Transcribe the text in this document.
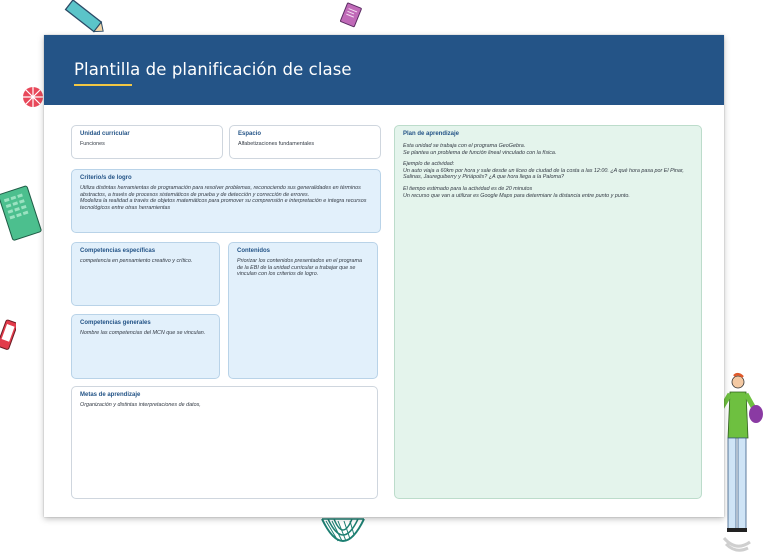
Plantilla de planificación de clase

Unidad curricular

Funciones

Espacio

Alfabetizaciones fundamentales

Criterio/s de logro

Utiliza distintas herramientas de programación para resolver problemas, reconociendo sus generalidades en términos abstractos, a través de procesos sistemáticos de prueba y de detección y corrección de errores.
Modeliza la realidad a través de objetos matemáticos para promover su comprensión e interpretación e integra recursos tecnológicos entre otras herramientas

Competencias específicas

competencia en pensamiento creativo y crítico.

Contenidos

Priorizar los contenidos presentados en el programa de la EBI de la unidad curricular a trabajar que se vinculan con los criterios de logro.

Competencias generales

Nombre las competencias del MCN que se vinculan.

Metas de aprendizaje

Organización y distintas interpretaciones de datos,

Plan de aprendizaje

Esta unidad se trabaja con el programa GeoGebra.
Se plantea un problema de función lineal vinculado con la física.

Ejemplo de actividad:
Un auto viaja a 60km por hora y sale desde un liceo de ciudad de la costa a las 12:00. ¿A qué hora pasa por El Pinar, Salinas, Jaureguiberry y Piriápolis? ¿A que hora llega a la Paloma?

El tiempo estimado para la actividad es de 20 minutos
Un recurso que van a utilizar es Google Maps para determianr la distancia entre punto y punto.
